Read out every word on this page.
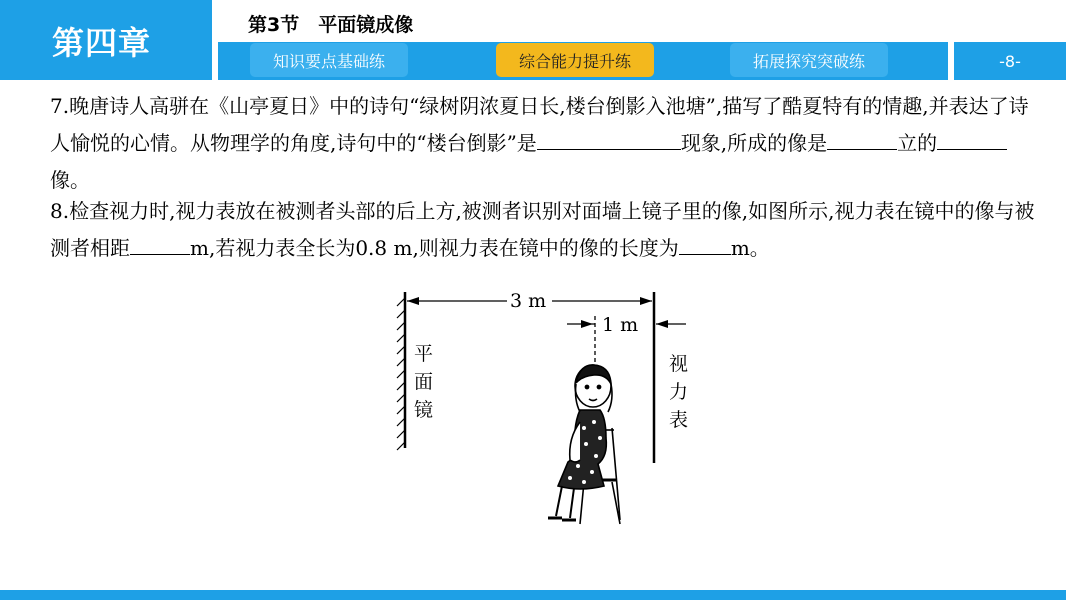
第四章	第3节　平面镜成像
知识要点基础练	综合能力提升练	拓展探究突破练	-8-
7.晚唐诗人高骈在《山亭夏日》中的诗句“绿树阴浓夏日长,楼台倒影入池塘”,描写了酷夏特有的情趣,并表达了诗人愉悦的心情。从物理学的角度,诗句中的“楼台倒影”是	现象,所成的像是	立的像。
8.检查视力时,视力表放在被测者头部的后上方,被测者识别对面墙上镜子里的像,如图所示,视力表在镜中的像与被测者相距	m,若视力表全长为0.8 m,则视力表在镜中的像的长度为	m。
3 m
1 m
平
面
镜
视
力
表
